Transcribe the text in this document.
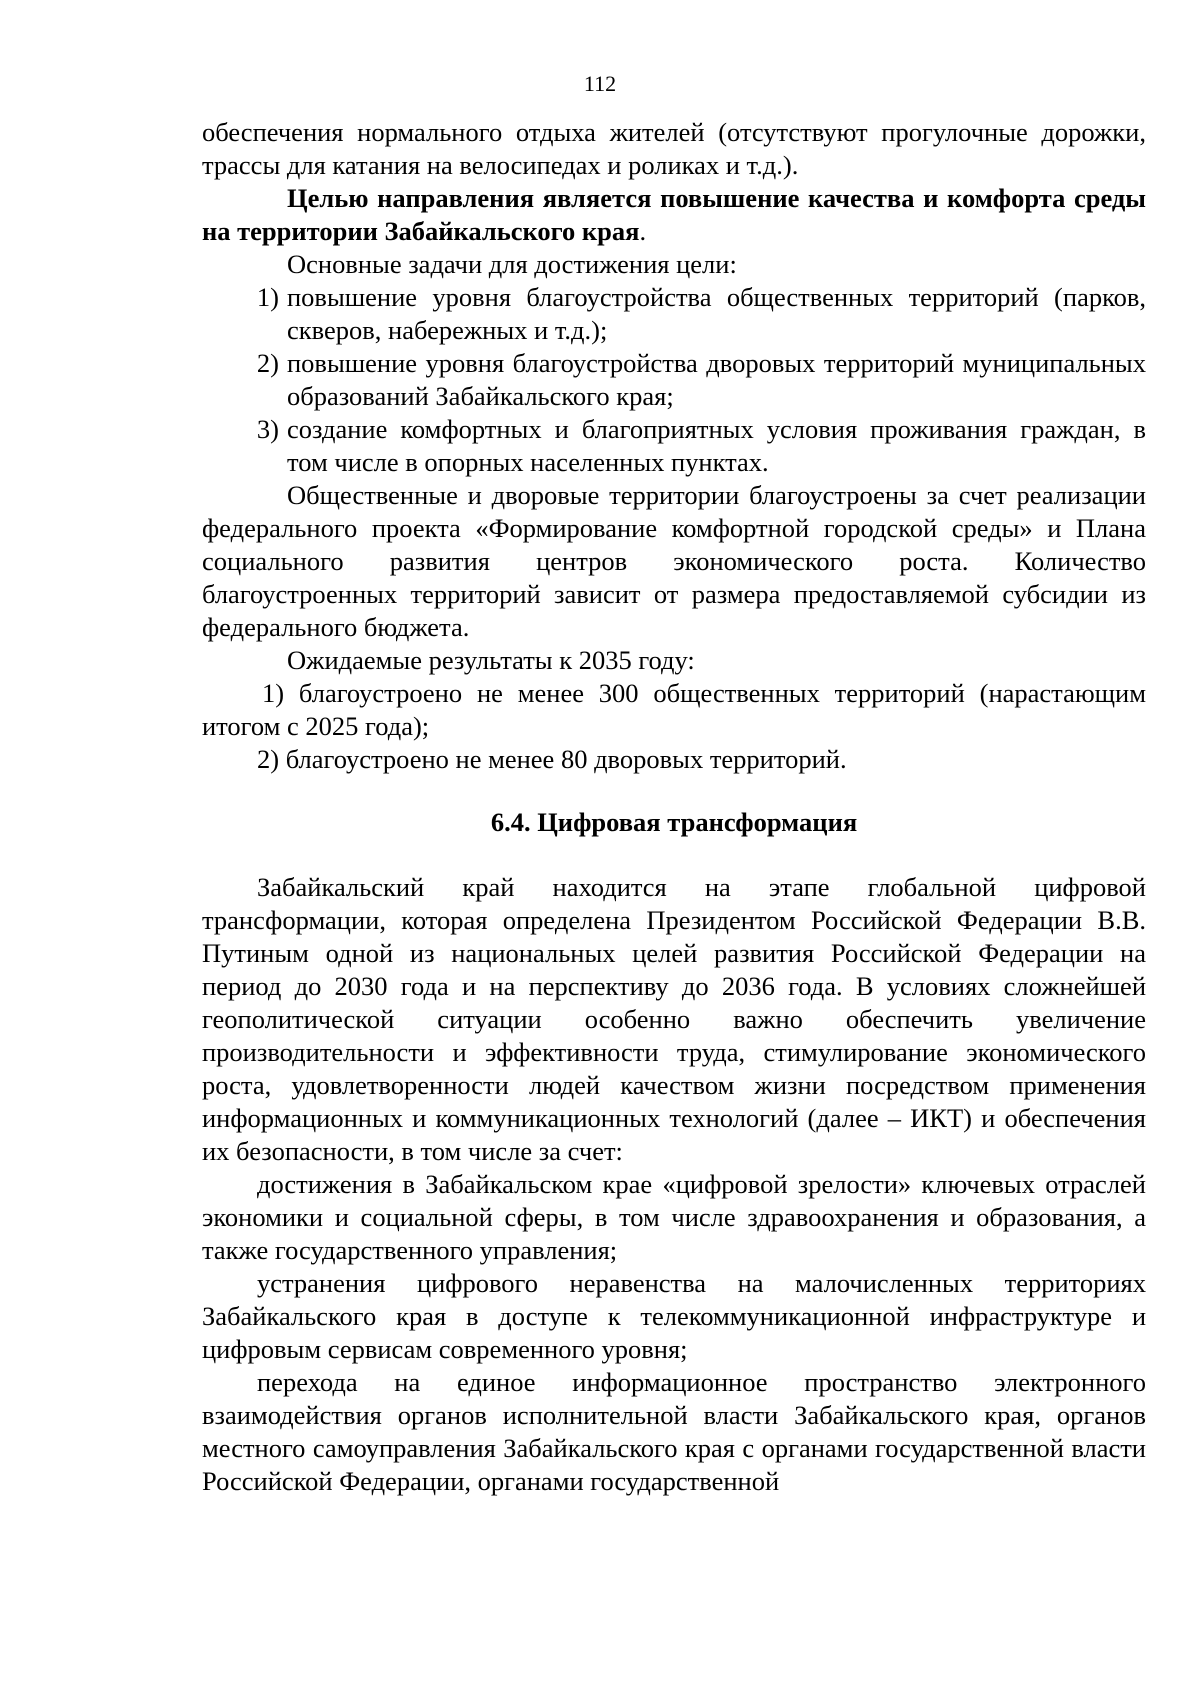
112

обеспечения нормального отдыха жителей (отсутствуют прогулочные дорожки, трассы для катания на велосипедах и роликах и т.д.).

Целью направления является повышение качества и комфорта среды на территории Забайкальского края.

Основные задачи для достижения цели:

1) повышение уровня благоустройства общественных территорий (парков, скверов, набережных и т.д.);
2) повышение уровня благоустройства дворовых территорий муниципальных образований Забайкальского края;
3) создание комфортных и благоприятных условия проживания граждан, в том числе в опорных населенных пунктах.

Общественные и дворовые территории благоустроены за счет реализации федерального проекта «Формирование комфортной городской среды» и Плана социального развития центров экономического роста. Количество благоустроенных территорий зависит от размера предоставляемой субсидии из федерального бюджета.

Ожидаемые результаты к 2035 году:

1) благоустроено не менее 300 общественных территорий (нарастающим итогом с 2025 года);

2) благоустроено не менее 80 дворовых территорий.

6.4. Цифровая трансформация

Забайкальский край находится на этапе глобальной цифровой трансформации, которая определена Президентом Российской Федерации В.В. Путиным одной из национальных целей развития Российской Федерации на период до 2030 года и на перспективу до 2036 года. В условиях сложнейшей геополитической ситуации особенно важно обеспечить увеличение производительности и эффективности труда, стимулирование экономического роста, удовлетворенности людей качеством жизни посредством применения информационных и коммуникационных технологий (далее – ИКТ) и обеспечения их безопасности, в том числе за счет:

достижения в Забайкальском крае «цифровой зрелости» ключевых отраслей экономики и социальной сферы, в том числе здравоохранения и образования, а также государственного управления;

устранения цифрового неравенства на малочисленных территориях Забайкальского края в доступе к телекоммуникационной инфраструктуре и цифровым сервисам современного уровня;

перехода на единое информационное пространство электронного взаимодействия органов исполнительной власти Забайкальского края, органов местного самоуправления Забайкальского края с органами государственной власти Российской Федерации, органами государственной
